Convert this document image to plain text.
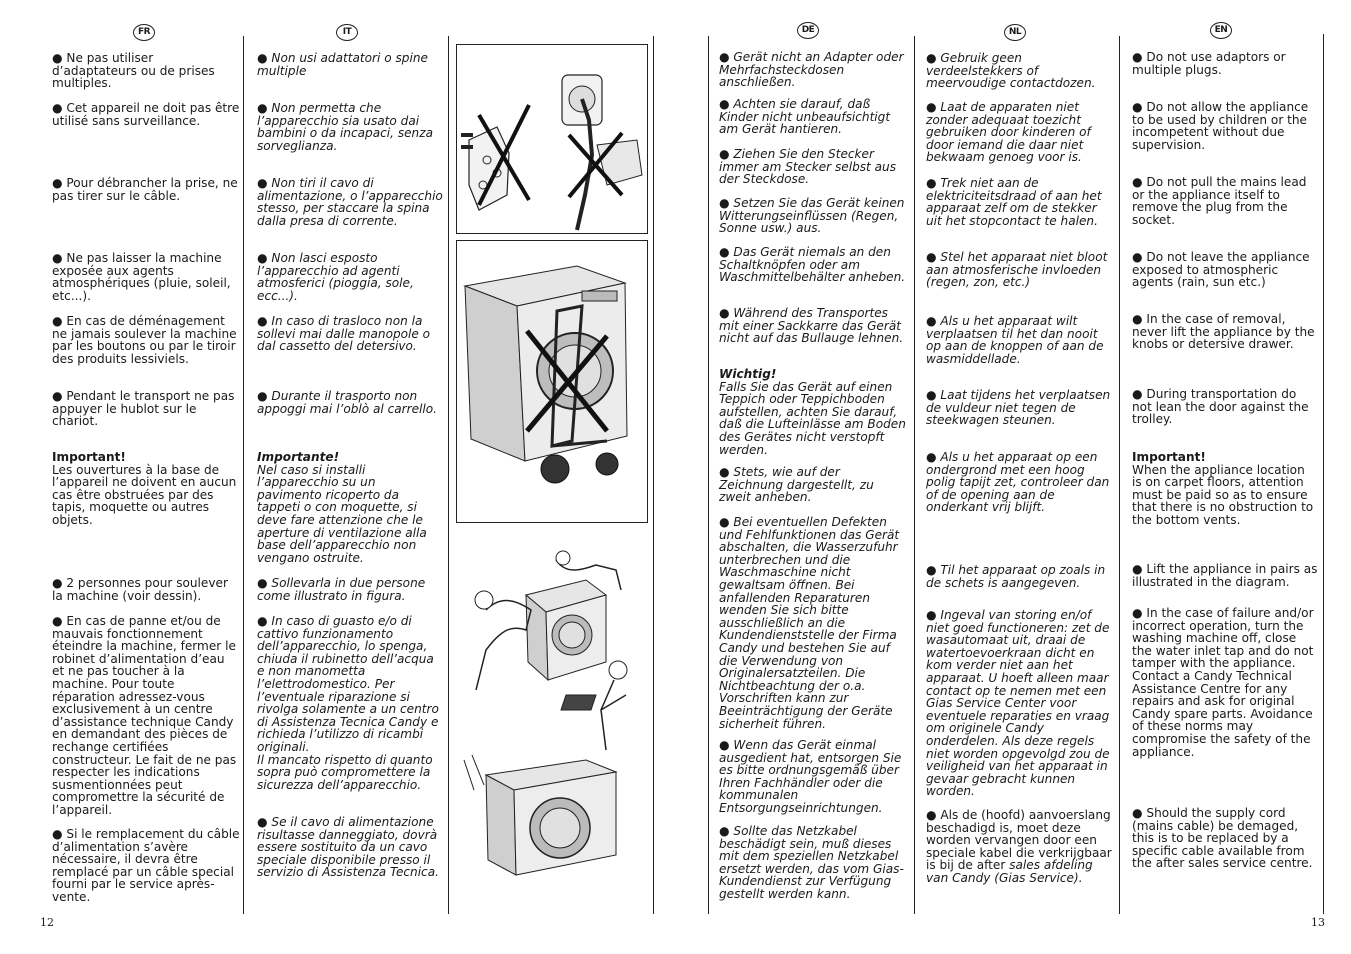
FR	IT	DE	NL	EN

● Ne pas utiliser d’adaptateurs ou de prises multiples.

● Cet appareil ne doit pas être utilisé sans surveillance.

● Pour débrancher la prise, ne pas tirer sur le câble.

● Ne pas laisser la machine exposée aux agents atmosphériques (pluie, soleil, etc...).

● En cas de déménagement ne jamais soulever la machine par les boutons ou par le tiroir des produits lessiviels.

● Pendant le transport ne pas appuyer le hublot sur le chariot.

Important!
Les ouvertures à la base de l’appareil ne doivent en aucun cas être obstruées par des tapis, moquette ou autres objets.

● 2 personnes pour soulever la machine (voir dessin).

● En cas de panne et/ou de mauvais fonctionnement éteindre la machine, fermer le robinet d’alimentation d’eau et ne pas toucher à la machine. Pour toute réparation adressez-vous exclusivement à un centre d’assistance technique Candy en demandant des pièces de rechange certifiées constructeur. Le fait de ne pas respecter les indications susmentionnées peut compromettre la sécurité de l’appareil.

● Si le remplacement du câble d’alimentation s’avère nécessaire, il devra être remplacé par un câble special fourni par le service après-vente.

● Non usi adattatori o spine multiple

● Non permetta che l’apparecchio sia usato dai bambini o da incapaci, senza sorveglianza.

● Non tiri il cavo di alimentazione, o l’apparecchio stesso, per staccare la spina dalla presa di corrente.

● Non lasci esposto l’apparecchio ad agenti atmosferici (pioggia, sole, ecc...).

● In caso di trasloco non la sollevi mai dalle manopole o dal cassetto del detersivo.

● Durante il trasporto non appoggi mai l’oblò al carrello.

Importante!
Nel caso si installi l’apparecchio su un pavimento ricoperto da tappeti o con moquette, si deve fare attenzione che le aperture di ventilazione alla base dell’apparecchio non vengano ostruite.

● Sollevarla in due persone come illustrato in figura.

● In caso di guasto e/o di cattivo funzionamento dell’apparecchio, lo spenga, chiuda il rubinetto dell’acqua e non manometta l’elettrodomestico. Per l’eventuale riparazione si rivolga solamente a un centro di Assistenza Tecnica Candy e richieda l’utilizzo di ricambi originali.
Il mancato rispetto di quanto sopra può compromettere la sicurezza dell’apparecchio.

● Se il cavo di alimentazione risultasse danneggiato, dovrà essere sostituito da un cavo speciale disponibile presso il servizio di Assistenza Tecnica.

● Gerät nicht an Adapter oder Mehrfachsteckdosen anschließen.

● Achten sie darauf, daß Kinder nicht unbeaufsichtigt am Gerät hantieren.

● Ziehen Sie den Stecker immer am Stecker selbst aus der Steckdose.

● Setzen Sie das Gerät keinen Witterungseinflüssen (Regen, Sonne usw.) aus.

● Das Gerät niemals an den Schaltknöpfen oder am Waschmittelbehälter anheben.

● Während des Transportes mit einer Sackkarre das Gerät nicht auf das Bullauge lehnen.

Wichtig!
Falls Sie das Gerät auf einen Teppich oder Teppichboden aufstellen, achten Sie darauf, daß die Lufteinlässe am Boden des Gerätes nicht verstopft werden.

● Stets, wie auf der Zeichnung dargestellt, zu zweit anheben.

● Bei eventuellen Defekten und Fehlfunktionen das Gerät abschalten, die Wasserzufuhr unterbrechen und die Waschmaschine nicht gewaltsam öffnen. Bei anfallenden Reparaturen wenden Sie sich bitte ausschließlich an die Kundendienststelle der Firma Candy und bestehen Sie auf die Verwendung von Originalersatzteilen. Die Nichtbeachtung der o.a. Vorschriften kann zur Beeinträchtigung der Geräte sicherheit führen.

● Wenn das Gerät einmal ausgedient hat, entsorgen Sie es bitte ordnungsgemäß über Ihren Fachhändler oder die kommunalen Entsorgungseinrichtungen.

● Sollte das Netzkabel beschädigt sein, muß dieses mit dem speziellen Netzkabel ersetzt werden, das vom Gias-Kundendienst zur Verfügung gestellt werden kann.

● Gebruik geen verdeelstekkers of meervoudige contactdozen.

● Laat de apparaten niet zonder adequaat toezicht gebruiken door kinderen of door iemand die daar niet bekwaam genoeg voor is.

● Trek niet aan de elektriciteitsdraad of aan het apparaat zelf om de stekker uit het stopcontact te halen.

● Stel het apparaat niet bloot aan atmosferische invloeden (regen, zon, etc.)

● Als u het apparaat wilt verplaatsen til het dan nooit op aan de knoppen of aan de wasmiddellade.

● Laat tijdens het verplaatsen de vuldeur niet tegen de steekwagen steunen.

● Als u het apparaat op een ondergrond met een hoog polig tapijt zet, controleer dan of de opening aan de onderkant vrij blijft.

● Til het apparaat op zoals in de schets is aangegeven.

● Ingeval van storing en/of niet goed functioneren: zet de wasautomaat uit, draai de watertoevoerkraan dicht en kom verder niet aan het apparaat. U hoeft alleen maar contact op te nemen met een Gias Service Center voor eventuele reparaties en vraag om originele Candy onderdelen. Als deze regels niet worden opgevolgd zou de veiligheid van het apparaat in gevaar gebracht kunnen worden.

● Als de (hoofd) aanvoerslang beschadigd is, moet deze worden vervangen door een speciale kabel die verkrijgbaar is bij de after sales afdeling van Candy (Gias Service).

● Do not use adaptors or multiple plugs.

● Do not allow the appliance to be used by children or the incompetent without due supervision.

● Do not pull the mains lead or the appliance itself to remove the plug from the socket.

● Do not leave the appliance exposed to atmospheric agents (rain, sun etc.)

● In the case of removal, never lift the appliance by the knobs or detersive drawer.

● During transportation do not lean the door against the trolley.

Important!
When the appliance location is on carpet floors, attention must be paid so as to ensure that there is no obstruction to the bottom vents.

● Lift the appliance in pairs as illustrated in the diagram.

● In the case of failure and/or incorrect operation, turn the washing machine off, close the water inlet tap and do not tamper with the appliance. Contact a Candy Technical Assistance Centre for any repairs and ask for original Candy spare parts. Avoidance of these norms may compromise the safety of the appliance.

● Should the supply cord (mains cable) be demaged, this is to be replaced by a specific cable available from the after sales service centre.

12	13
